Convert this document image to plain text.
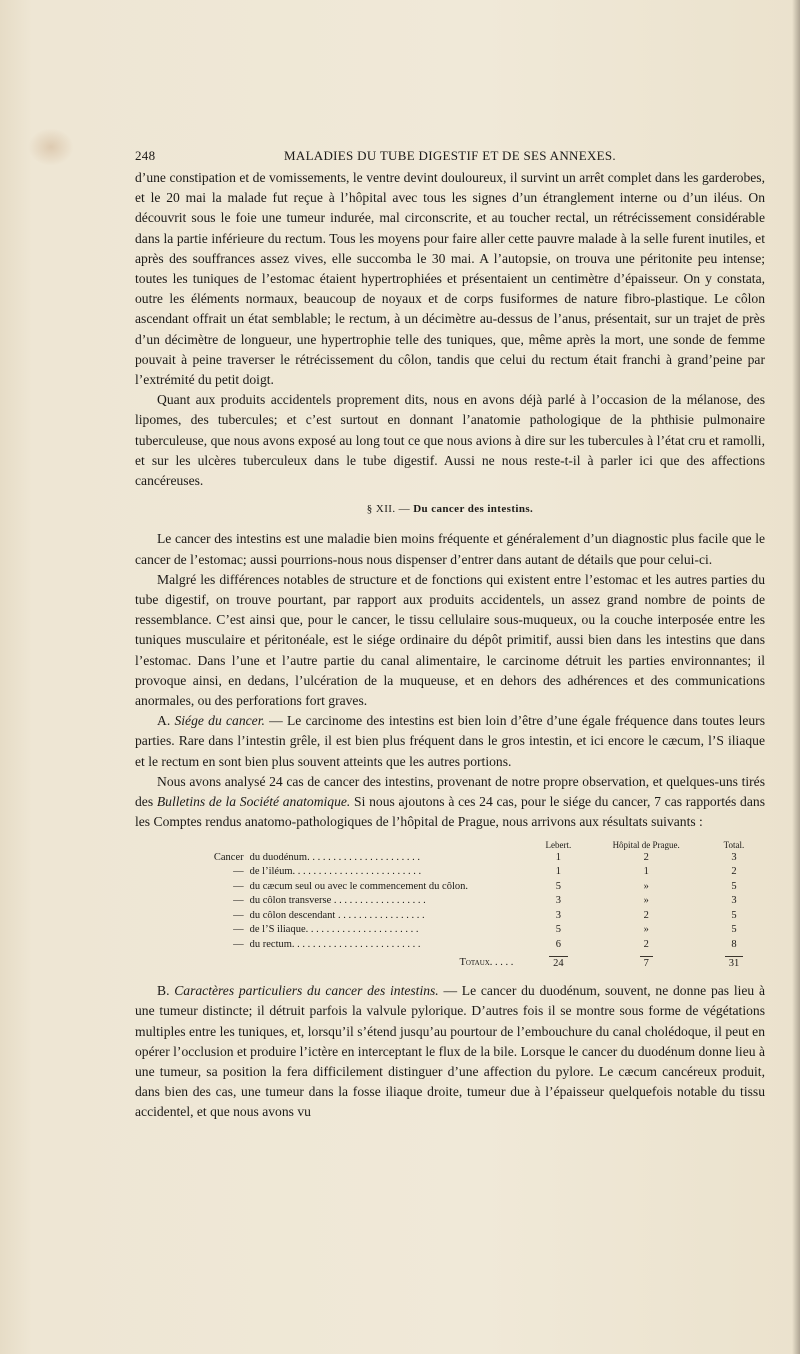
248	MALADIES DU TUBE DIGESTIF ET DE SES ANNEXES.

d’une constipation et de vomissements, le ventre devint douloureux, il survint un arrêt complet dans les garderobes, et le 20 mai la malade fut reçue à l’hôpital avec tous les signes d’un étranglement interne ou d’un iléus. On découvrit sous le foie une tumeur indurée, mal circonscrite, et au toucher rectal, un rétrécissement considérable dans la partie inférieure du rectum. Tous les moyens pour faire aller cette pauvre malade à la selle furent inutiles, et après des souffrances assez vives, elle succomba le 30 mai. A l’autopsie, on trouva une péritonite peu intense; toutes les tuniques de l’estomac étaient hypertrophiées et présentaient un centimètre d’épaisseur. On y constata, outre les éléments normaux, beaucoup de noyaux et de corps fusiformes de nature fibro-plastique. Le côlon ascendant offrait un état semblable; le rectum, à un décimètre au-dessus de l’anus, présentait, sur un trajet de près d’un décimètre de longueur, une hypertrophie telle des tuniques, que, même après la mort, une sonde de femme pouvait à peine traverser le rétrécissement du côlon, tandis que celui du rectum était franchi à grand’peine par l’extrémité du petit doigt.

Quant aux produits accidentels proprement dits, nous en avons déjà parlé à l’occasion de la mélanose, des lipomes, des tubercules; et c’est surtout en donnant l’anatomie pathologique de la phthisie pulmonaire tuberculeuse, que nous avons exposé au long tout ce que nous avions à dire sur les tubercules à l’état cru et ramolli, et sur les ulcères tuberculeux dans le tube digestif. Aussi ne nous reste-t-il à parler ici que des affections cancéreuses.

§ XII. — Du cancer des intestins.

Le cancer des intestins est une maladie bien moins fréquente et généralement d’un diagnostic plus facile que le cancer de l’estomac; aussi pourrions-nous nous dispenser d’entrer dans autant de détails que pour celui-ci.

Malgré les différences notables de structure et de fonctions qui existent entre l’estomac et les autres parties du tube digestif, on trouve pourtant, par rapport aux produits accidentels, un assez grand nombre de points de ressemblance. C’est ainsi que, pour le cancer, le tissu cellulaire sous-muqueux, ou la couche interposée entre les tuniques musculaire et péritonéale, est le siége ordinaire du dépôt primitif, aussi bien dans les intestins que dans l’estomac. Dans l’une et l’autre partie du canal alimentaire, le carcinome détruit les parties environnantes; il provoque ainsi, en dedans, l’ulcération de la muqueuse, et en dehors des adhérences et des communications anormales, ou des perforations fort graves.

A. Siége du cancer. — Le carcinome des intestins est bien loin d’être d’une égale fréquence dans toutes leurs parties. Rare dans l’intestin grêle, il est bien plus fréquent dans le gros intestin, et ici encore le cæcum, l’S iliaque et le rectum en sont bien plus souvent atteints que les autres portions.

Nous avons analysé 24 cas de cancer des intestins, provenant de notre propre observation, et quelques-uns tirés des Bulletins de la Société anatomique. Si nous ajoutons à ces 24 cas, pour le siége du cancer, 7 cas rapportés dans les Comptes rendus anatomo-pathologiques de l’hôpital de Prague, nous arrivons aux résultats suivants :

		Lebert.	Hôpital de Prague.	Total.
Cancer	du duodénum. . . . . . . . . . . . . . . . . . . . . .	1	2	3
—	de l’iléum. . . . . . . . . . . . . . . . . . . . . . . . .	1	1	2
—	du cæcum seul ou avec le commencement du côlon.	5	»	5
—	du côlon transverse . . . . . . . . . . . . . . . . . .	3	»	3
—	du côlon descendant . . . . . . . . . . . . . . . . .	3	2	5
—	de l’S iliaque. . . . . . . . . . . . . . . . . . . . . .	5	»	5
—	du rectum. . . . . . . . . . . . . . . . . . . . . . . . .	6	2	8
	Totaux. . . . .	24	7	31

B. Caractères particuliers du cancer des intestins. — Le cancer du duodénum, souvent, ne donne pas lieu à une tumeur distincte; il détruit parfois la valvule pylorique. D’autres fois il se montre sous forme de végétations multiples entre les tuniques, et, lorsqu’il s’étend jusqu’au pourtour de l’embouchure du canal cholédoque, il peut en opérer l’occlusion et produire l’ictère en interceptant le flux de la bile. Lorsque le cancer du duodénum donne lieu à une tumeur, sa position la fera difficilement distinguer d’une affection du pylore. Le cæcum cancéreux produit, dans bien des cas, une tumeur dans la fosse iliaque droite, tumeur due à l’épaisseur quelquefois notable du tissu accidentel, et que nous avons vu
